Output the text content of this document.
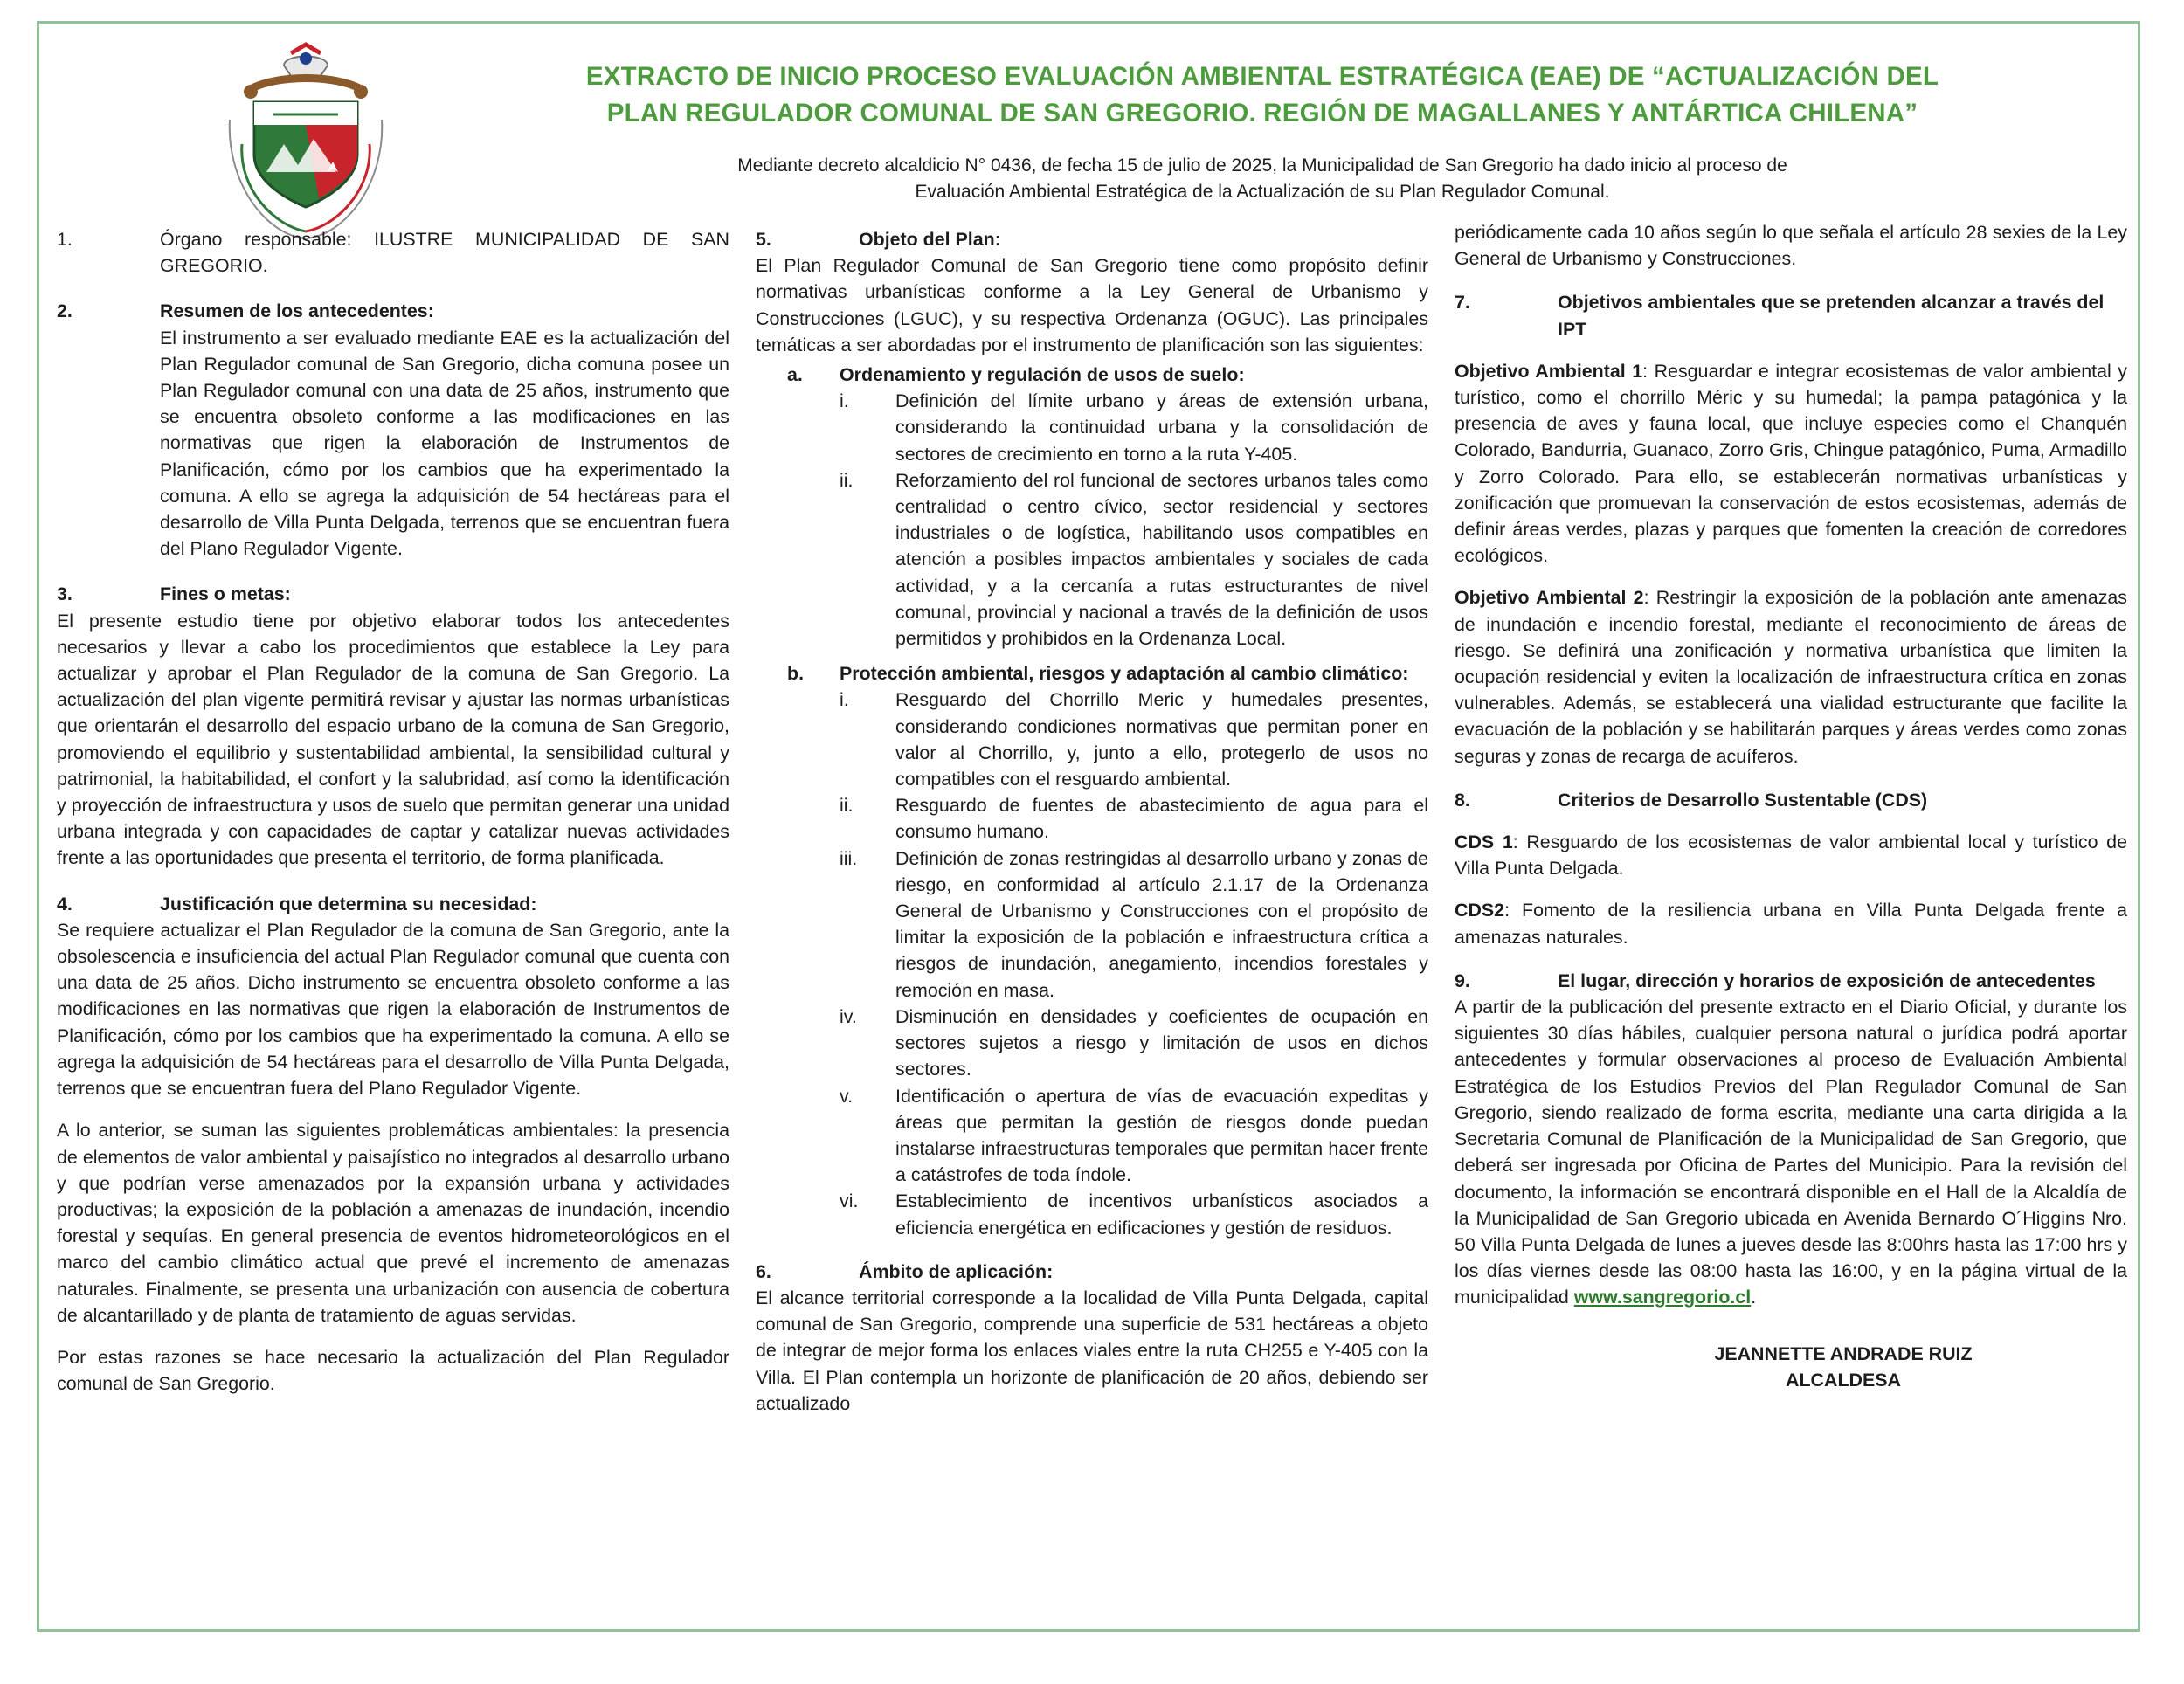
EXTRACTO DE INICIO PROCESO EVALUACIÓN AMBIENTAL ESTRATÉGICA (EAE) DE “ACTUALIZACIÓN DEL
PLAN REGULADOR COMUNAL DE SAN GREGORIO. REGIÓN DE MAGALLANES Y ANTÁRTICA CHILENA”
Mediante decreto alcaldicio N° 0436, de fecha 15 de julio de 2025, la Municipalidad de San Gregorio ha dado inicio al proceso de
Evaluación Ambiental Estratégica de la Actualización de su Plan Regulador Comunal.
1.	Órgano responsable: ILUSTRE MUNICIPALIDAD DE SAN GREGORIO.
2.	Resumen de los antecedentes:

El instrumento a ser evaluado mediante EAE es la actualización del Plan Regulador comunal de San Gregorio, dicha comuna posee un Plan Regulador comunal con una data de 25 años, instrumento que se encuentra obsoleto conforme a las modificaciones en las normativas que rigen la elaboración de Instrumentos de Planificación, cómo por los cambios que ha experimentado la comuna. A ello se agrega la adquisición de 54 hectáreas para el desarrollo de Villa Punta Delgada, terrenos que se encuentran fuera del Plano Regulador Vigente.

3.	Fines o metas:

El presente estudio tiene por objetivo elaborar todos los antecedentes necesarios y llevar a cabo los procedimientos que establece la Ley para actualizar y aprobar el Plan Regulador de la comuna de San Gregorio. La actualización del plan vigente permitirá revisar y ajustar las normas urbanísticas que orientarán el desarrollo del espacio urbano de la comuna de San Gregorio, promoviendo el equilibrio y sustentabilidad ambiental, la sensibilidad cultural y patrimonial, la habitabilidad, el confort y la salubridad, así como la identificación y proyección de infraestructura y usos de suelo que permitan generar una unidad urbana integrada y con capacidades de captar y catalizar nuevas actividades frente a las oportunidades que presenta el territorio, de forma planificada.

4.	Justificación que determina su necesidad:

Se requiere actualizar el Plan Regulador de la comuna de San Gregorio, ante la obsolescencia e insuficiencia del actual Plan Regulador comunal que cuenta con una data de 25 años. Dicho instrumento se encuentra obsoleto conforme a las modificaciones en las normativas que rigen la elaboración de Instrumentos de Planificación, cómo por los cambios que ha experimentado la comuna. A ello se agrega la adquisición de 54 hectáreas para el desarrollo de Villa Punta Delgada, terrenos que se encuentran fuera del Plano Regulador Vigente.

A lo anterior, se suman las siguientes problemáticas ambientales: la presencia de elementos de valor ambiental y paisajístico no integrados al desarrollo urbano y que podrían verse amenazados por la expansión urbana y actividades productivas; la exposición de la población a amenazas de inundación, incendio forestal y sequías. En general presencia de eventos hidrometeorológicos en el marco del cambio climático actual que prevé el incremento de amenazas naturales. Finalmente, se presenta una urbanización con ausencia de cobertura de alcantarillado y de planta de tratamiento de aguas servidas.

Por estas razones se hace necesario la actualización del Plan Regulador comunal de San Gregorio.

5.	Objeto del Plan:

El Plan Regulador Comunal de San Gregorio tiene como propósito definir normativas urbanísticas conforme a la Ley General de Urbanismo y Construcciones (LGUC), y su respectiva Ordenanza (OGUC). Las principales temáticas a ser abordadas por el instrumento de planificación son las siguientes:

a.	Ordenamiento y regulación de usos de suelo:
i.	Definición del límite urbano y áreas de extensión urbana, considerando la continuidad urbana y la consolidación de sectores de crecimiento en torno a la ruta Y-405.
ii.	Reforzamiento del rol funcional de sectores urbanos tales como centralidad o centro cívico, sector residencial y sectores industriales o de logística, habilitando usos compatibles en atención a posibles impactos ambientales y sociales de cada actividad, y a la cercanía a rutas estructurantes de nivel comunal, provincial y nacional a través de la definición de usos permitidos y prohibidos en la Ordenanza Local.
b.	Protección ambiental, riesgos y adaptación al cambio climático:
i.	Resguardo del Chorrillo Meric y humedales presentes, considerando condiciones normativas que permitan poner en valor al Chorrillo, y, junto a ello, protegerlo de usos no compatibles con el resguardo ambiental.
ii.	Resguardo de fuentes de abastecimiento de agua para el consumo humano.
iii.	Definición de zonas restringidas al desarrollo urbano y zonas de riesgo, en conformidad al artículo 2.1.17 de la Ordenanza General de Urbanismo y Construcciones con el propósito de limitar la exposición de la población e infraestructura crítica a riesgos de inundación, anegamiento, incendios forestales y remoción en masa.
iv.	Disminución en densidades y coeficientes de ocupación en sectores sujetos a riesgo y limitación de usos en dichos sectores.
v.	Identificación o apertura de vías de evacuación expeditas y áreas que permitan la gestión de riesgos donde puedan instalarse infraestructuras temporales que permitan hacer frente a catástrofes de toda índole.
vi.	Establecimiento de incentivos urbanísticos asociados a eficiencia energética en edificaciones y gestión de residuos.
6.	Ámbito de aplicación:

El alcance territorial corresponde a la localidad de Villa Punta Delgada, capital comunal de San Gregorio, comprende una superficie de 531 hectáreas a objeto de integrar de mejor forma los enlaces viales entre la ruta CH255 e Y-405 con la Villa. El Plan contempla un horizonte de planificación de 20 años, debiendo ser actualizado

periódicamente cada 10 años según lo que señala el artículo 28 sexies de la Ley General de Urbanismo y Construcciones.

7.	Objetivos ambientales que se pretenden alcanzar a través del IPT

Objetivo Ambiental 1: Resguardar e integrar ecosistemas de valor ambiental y turístico, como el chorrillo Méric y su humedal; la pampa patagónica y la presencia de aves y fauna local, que incluye especies como el Chanquén Colorado, Bandurria, Guanaco, Zorro Gris, Chingue patagónico, Puma, Armadillo y Zorro Colorado. Para ello, se establecerán normativas urbanísticas y zonificación que promuevan la conservación de estos ecosistemas, además de definir áreas verdes, plazas y parques que fomenten la creación de corredores ecológicos.

Objetivo Ambiental 2: Restringir la exposición de la población ante amenazas de inundación e incendio forestal, mediante el reconocimiento de áreas de riesgo. Se definirá una zonificación y normativa urbanística que limiten la ocupación residencial y eviten la localización de infraestructura crítica en zonas vulnerables. Además, se establecerá una vialidad estructurante que facilite la evacuación de la población y se habilitarán parques y áreas verdes como zonas seguras y zonas de recarga de acuíferos.

8.	Criterios de Desarrollo Sustentable (CDS)

CDS 1: Resguardo de los ecosistemas de valor ambiental local y turístico de Villa Punta Delgada.

CDS2: Fomento de la resiliencia urbana en Villa Punta Delgada frente a amenazas naturales.

9.	El lugar, dirección y horarios de exposición de antecedentes

A partir de la publicación del presente extracto en el Diario Oficial, y durante los siguientes 30 días hábiles, cualquier persona natural o jurídica podrá aportar antecedentes y formular observaciones al proceso de Evaluación Ambiental Estratégica de los Estudios Previos del Plan Regulador Comunal de San Gregorio, siendo realizado de forma escrita, mediante una carta dirigida a la Secretaria Comunal de Planificación de la Municipalidad de San Gregorio, que deberá ser ingresada por Oficina de Partes del Municipio. Para la revisión del documento, la información se encontrará disponible en el Hall de la Alcaldía de la Municipalidad de San Gregorio ubicada en Avenida Bernardo O´Higgins Nro. 50 Villa Punta Delgada de lunes a jueves desde las 8:00hrs hasta las 17:00 hrs y los días viernes desde las 08:00 hasta las 16:00, y en la página virtual de la municipalidad www.sangregorio.cl.

JEANNETTE ANDRADE RUIZ
ALCALDESA
